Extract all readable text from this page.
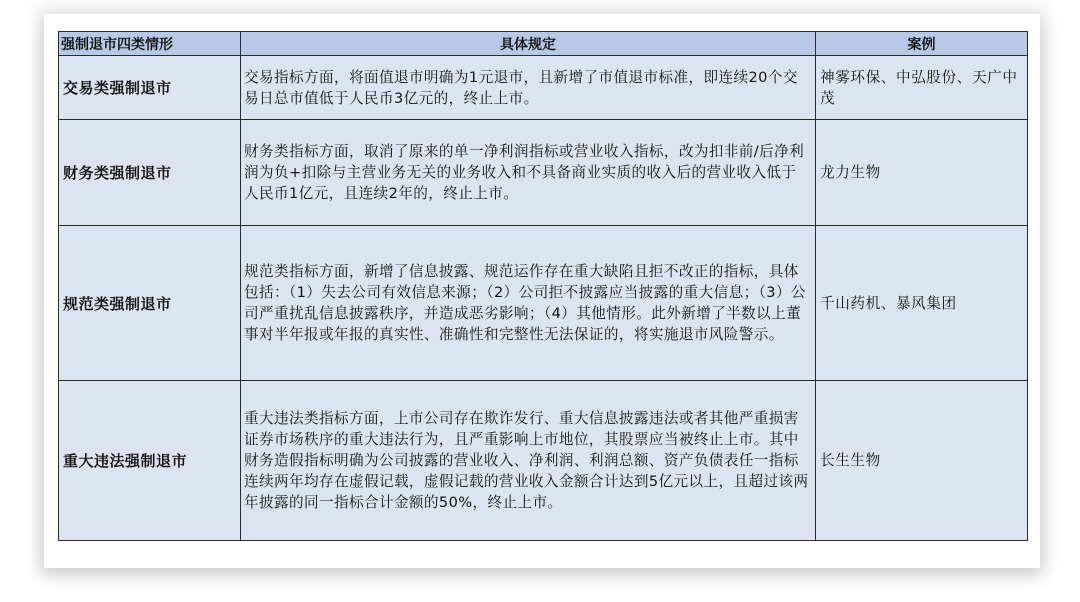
强制退市四类情形	具体规定	案例
交易类强制退市	交易指标方面，将面值退市明确为1元退市，且新增了市值退市标准，即连续20个交易日总市值低于人民币3亿元的，终止上市。	神雾环保、中弘股份、天广中茂
财务类强制退市	财务类指标方面，取消了原来的单一净利润指标或营业收入指标，改为扣非前/后净利润为负+扣除与主营业务无关的业务收入和不具备商业实质的收入后的营业收入低于人民币1亿元，且连续2年的，终止上市。	龙力生物
规范类强制退市	规范类指标方面，新增了信息披露、规范运作存在重大缺陷且拒不改正的指标，具体包括：（1）失去公司有效信息来源；（2）公司拒不披露应当披露的重大信息；（3）公司严重扰乱信息披露秩序，并造成恶劣影响；（4）其他情形。此外新增了半数以上董事对半年报或年报的真实性、准确性和完整性无法保证的，将实施退市风险警示。	千山药机、暴风集团
重大违法强制退市	重大违法类指标方面，上市公司存在欺诈发行、重大信息披露违法或者其他严重损害证券市场秩序的重大违法行为，且严重影响上市地位，其股票应当被终止上市。其中财务造假指标明确为公司披露的营业收入、净利润、利润总额、资产负债表任一指标连续两年均存在虚假记载，虚假记载的营业收入金额合计达到5亿元以上，且超过该两年披露的同一指标合计金额的50%，终止上市。	长生生物
